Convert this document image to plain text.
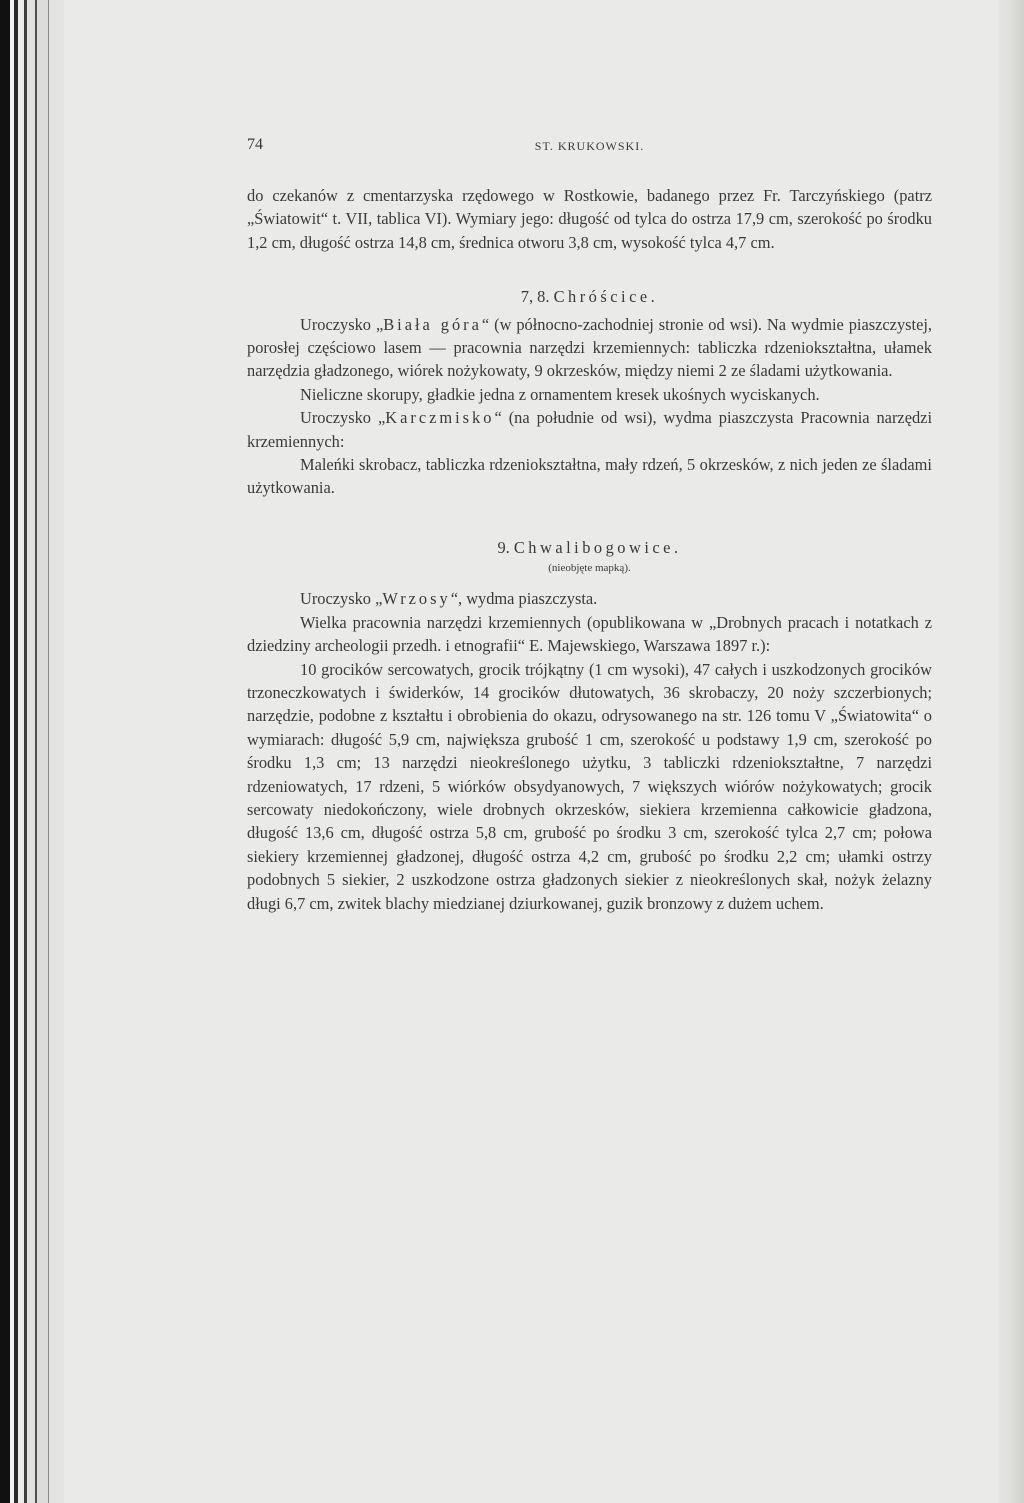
74	ST. KRUKOWSKI.

do czekanów z cmentarzyska rzędowego w Rostkowie, badanego przez Fr. Tarczyńskiego (patrz „Światowit“ t. VII, tablica VI). Wymiary jego: długość od tylca do ostrza 17,9 cm, szerokość po środku 1,2 cm, długość ostrza 14,8 cm, średnica otworu 3,8 cm, wysokość tylca 4,7 cm.

7, 8. Chróścice.

Uroczysko „Biała góra“ (w północno-zachodniej stronie od wsi). Na wydmie piaszczystej, porosłej częściowo lasem — pracownia narzędzi krzemiennych: tabliczka rdzeniokształtna, ułamek narzędzia gładzonego, wiórek nożykowaty, 9 okrzesków, między niemi 2 ze śladami użytkowania.

Nieliczne skorupy, gładkie jedna z ornamentem kresek ukośnych wyciskanych.

Uroczysko „Karczmisko“ (na południe od wsi), wydma piaszczysta Pracownia narzędzi krzemiennych:

Maleńki skrobacz, tabliczka rdzeniokształtna, mały rdzeń, 5 okrzesków, z nich jeden ze śladami użytkowania.

9. Chwalibogowice.
(nieobjęte mapką).

Uroczysko „Wrzosy“, wydma piaszczysta.

Wielka pracownia narzędzi krzemiennych (opublikowana w „Drobnych pracach i notatkach z dziedziny archeologii przedh. i etnografii“ E. Majewskiego, Warszawa 1897 r.):

10 grocików sercowatych, grocik trójkątny (1 cm wysoki), 47 całych i uszkodzonych grocików trzoneczkowatych i świderków, 14 grocików dłutowatych, 36 skrobaczy, 20 noży szczerbionych; narzędzie, podobne z kształtu i obrobienia do okazu, odrysowanego na str. 126 tomu V „Światowita“ o wymiarach: długość 5,9 cm, największa grubość 1 cm, szerokość u podstawy 1,9 cm, szerokość po środku 1,3 cm; 13 narzędzi nieokreślonego użytku, 3 tabliczki rdzeniokształtne, 7 narzędzi rdzeniowatych, 17 rdzeni, 5 wiórków obsydyanowych, 7 większych wiórów nożykowatych; grocik sercowaty niedokończony, wiele drobnych okrzesków, siekiera krzemienna całkowicie gładzona, długość 13,6 cm, długość ostrza 5,8 cm, grubość po środku 3 cm, szerokość tylca 2,7 cm; połowa siekiery krzemiennej gładzonej, długość ostrza 4,2 cm, grubość po środku 2,2 cm; ułamki ostrzy podobnych 5 siekier, 2 uszkodzone ostrza gładzonych siekier z nieokreślonych skał, nożyk żelazny długi 6,7 cm, zwitek blachy miedzianej dziurkowanej, guzik bronzowy z dużem uchem.
